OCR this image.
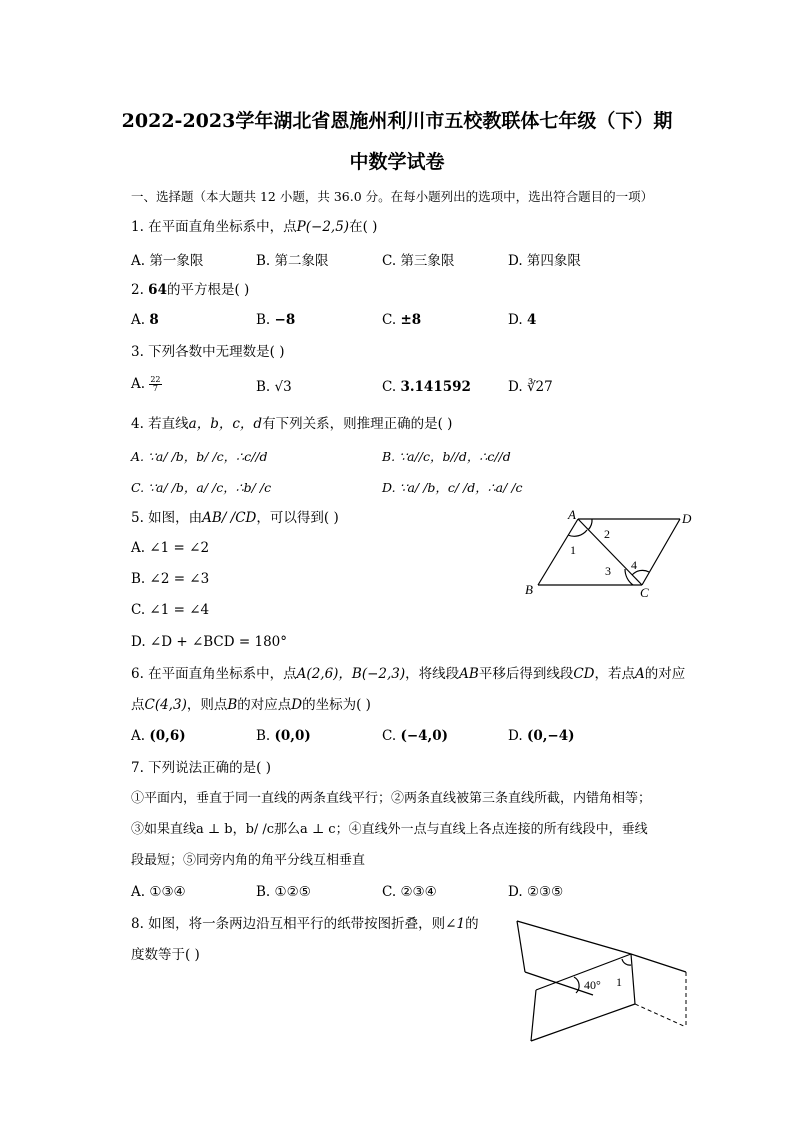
2022-2023学年湖北省恩施州利川市五校教联体七年级（下）期
中数学试卷
一、选择题（本大题共 12 小题，共 36.0 分。在每小题列出的选项中，选出符合题目的一项）
1. 在平面直角坐标系中，点P(−2,5)在( )
A. 第一象限	B. 第二象限	C. 第三象限	D. 第四象限
2. 64的平方根是( )
A. 8	B. −8	C. ±8	D. 4
3. 下列各数中无理数是( )
A. $\frac{22}{7}$	B. √3	C. 3.141592	D. ∛27
4. 若直线a，b，c，d有下列关系，则推理正确的是( )
A. ∵a/ /b，b/ /c，∴c//d	B. ∵a//c，b//d，∴c//d
C. ∵a/ /b，a/ /c，∴b/ /c	D. ∵a/ /b，c/ /d，∴a/ /c
5. 如图，由AB/ /CD，可以得到( )
A. ∠1 = ∠2
B. ∠2 = ∠3
C. ∠1 = ∠4
D. ∠D + ∠BCD = 180°
A	D
B	C
1
2
3 4
6. 在平面直角坐标系中，点A(2,6)，B(−2,3)，将线段AB平移后得到线段CD，若点A的对应
点C(4,3)，则点B的对应点D的坐标为( )
A. (0,6)	B. (0,0)	C. (−4,0)	D. (0,−4)
7. 下列说法正确的是( )
①平面内，垂直于同一直线的两条直线平行；②两条直线被第三条直线所截，内错角相等；
③如果直线a ⊥ b，b/ /c那么a ⊥ c；④直线外一点与直线上各点连接的所有线段中，垂线
段最短；⑤同旁内角的角平分线互相垂直
A. ①③④	B. ①②⑤	C. ②③④	D. ②③⑤
8. 如图，将一条两边沿互相平行的纸带按图折叠，则∠1的
度数等于( )
40° 1
